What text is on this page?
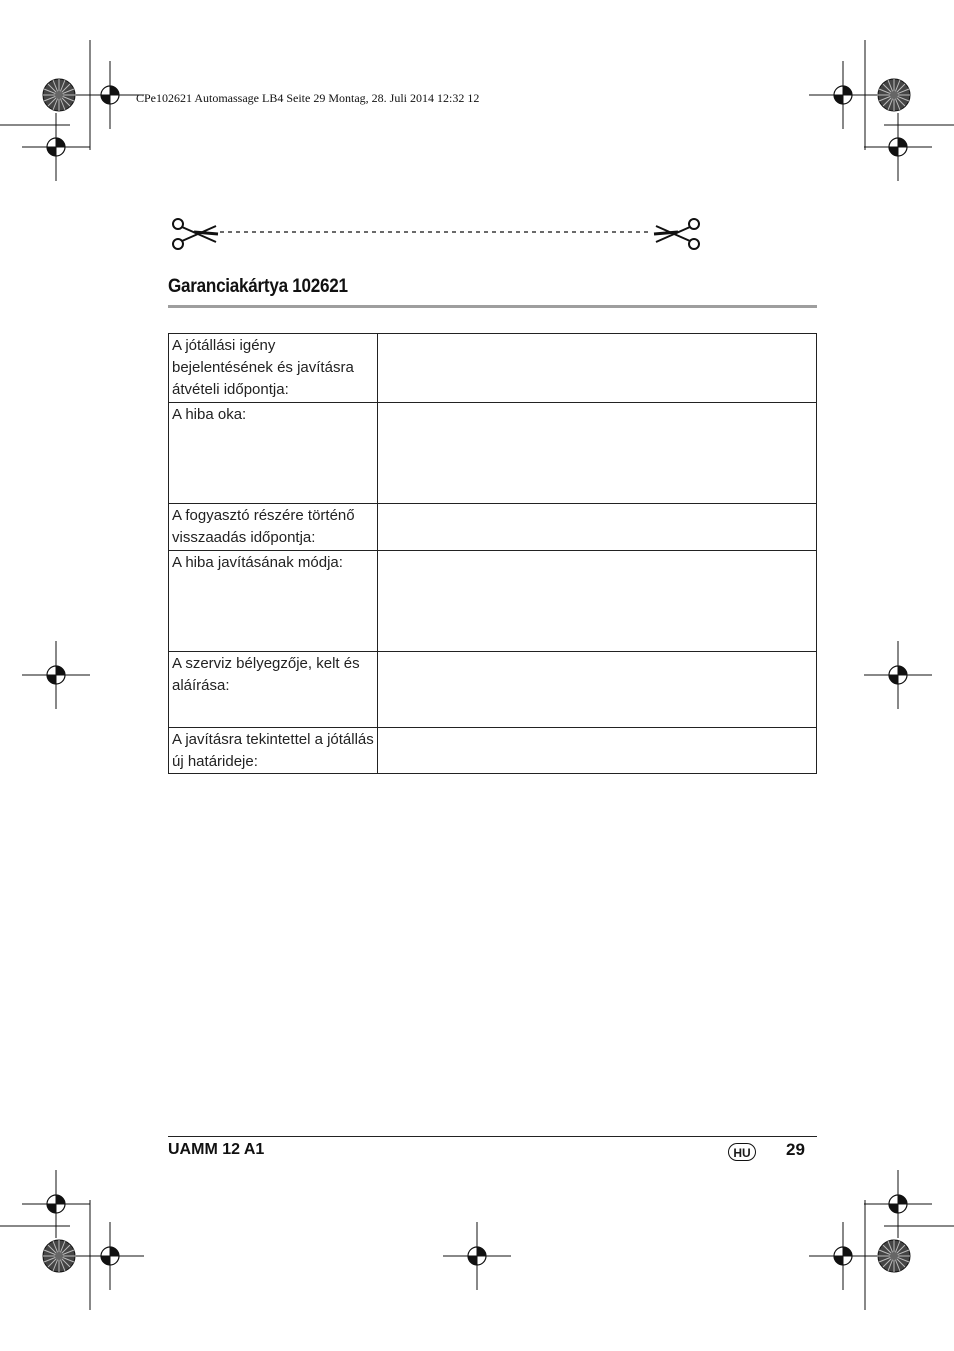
CPe102621 Automassage LB4 Seite 29 Montag, 28. Juli 2014 12:32 12
Garanciakártya 102621
A jótállási igény bejelentésének és javításra átvételi időpontja:	
A hiba oka:	
A fogyasztó részére történő visszaadás időpontja:	
A hiba javításának módja:	
A szerviz bélyegzője, kelt és aláírása:	
A javításra tekintettel a jótállás új határideje:	
UAMM 12 A1	HU	29
